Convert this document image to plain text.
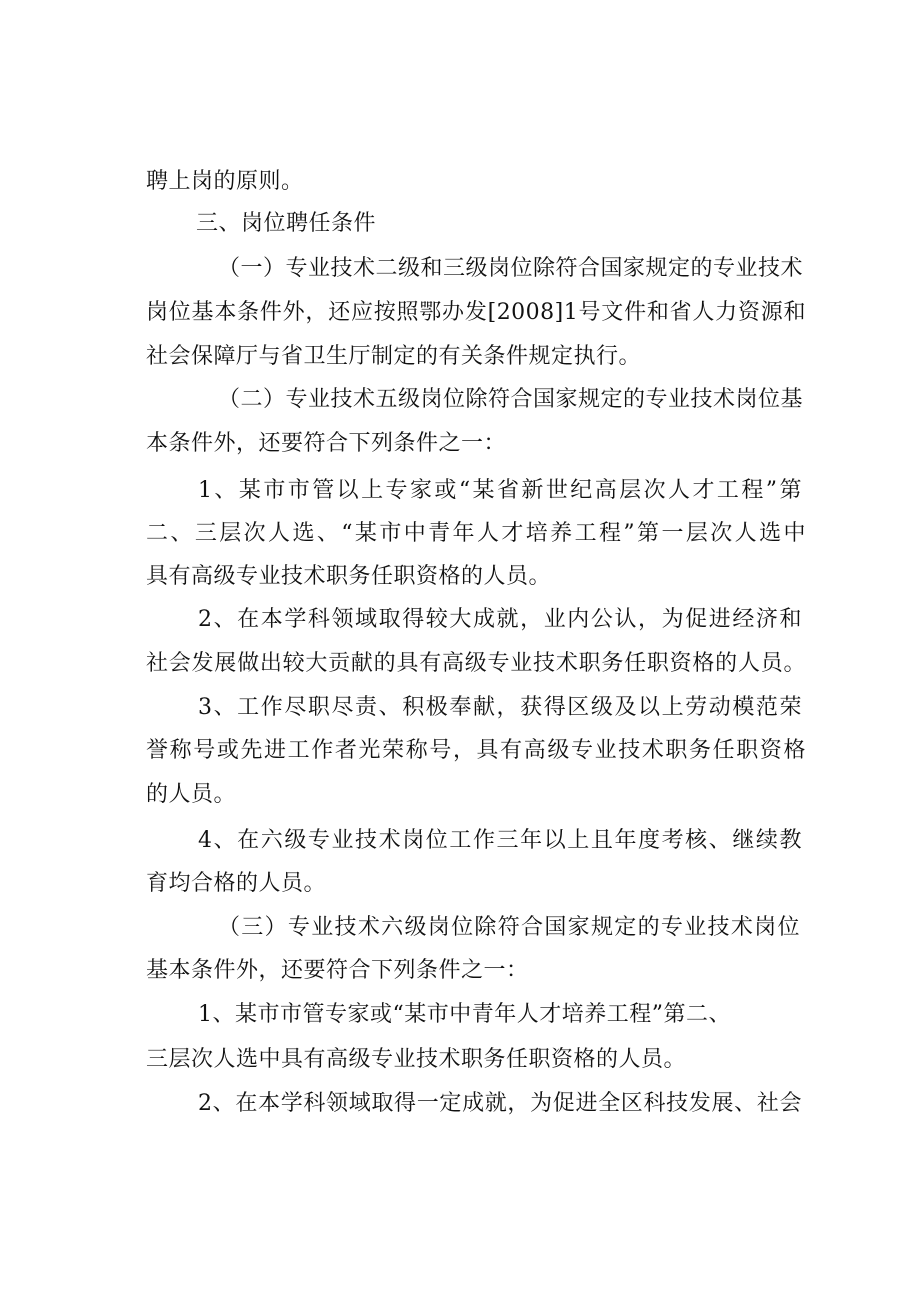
聘上岗的原则。
三、岗位聘任条件
（一）专业技术二级和三级岗位除符合国家规定的专业技术
岗位基本条件外，还应按照鄂办发[2008]1号文件和省人力资源和
社会保障厅与省卫生厅制定的有关条件规定执行。
（二）专业技术五级岗位除符合国家规定的专业技术岗位基
本条件外，还要符合下列条件之一：
1、某市市管以上专家或“某省新世纪高层次人才工程”第
二、三层次人选、“某市中青年人才培养工程”第一层次人选中
具有高级专业技术职务任职资格的人员。
2、在本学科领域取得较大成就，业内公认，为促进经济和
社会发展做出较大贡献的具有高级专业技术职务任职资格的人员。
3、工作尽职尽责、积极奉献，获得区级及以上劳动模范荣
誉称号或先进工作者光荣称号，具有高级专业技术职务任职资格
的人员。
4、在六级专业技术岗位工作三年以上且年度考核、继续教
育均合格的人员。
（三）专业技术六级岗位除符合国家规定的专业技术岗位
基本条件外，还要符合下列条件之一：
1、某市市管专家或“某市中青年人才培养工程”第二、
三层次人选中具有高级专业技术职务任职资格的人员。
2、在本学科领域取得一定成就，为促进全区科技发展、社会
